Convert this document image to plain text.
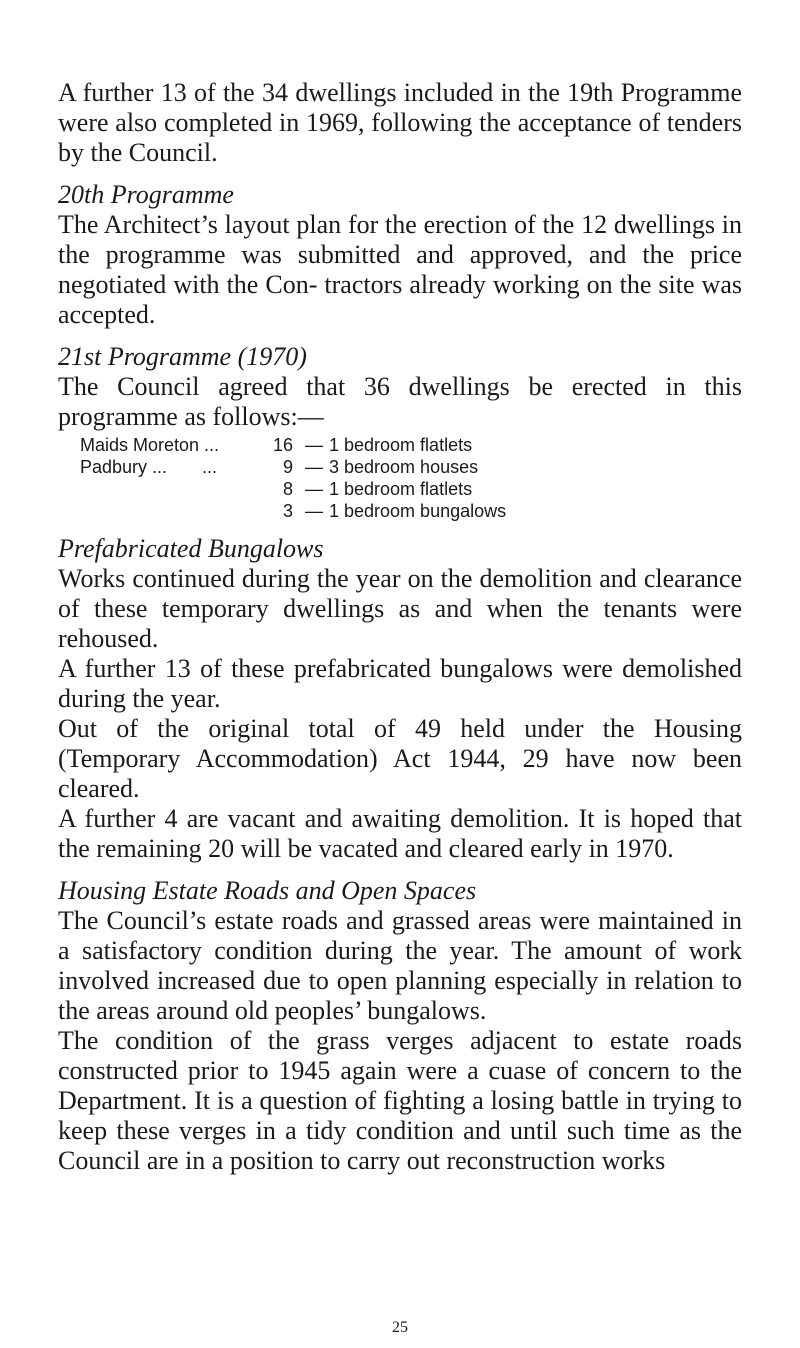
A further 13 of the 34 dwellings included in the 19th Programme were also completed in 1969, following the acceptance of tenders by the Council.

20th Programme

The Architect’s layout plan for the erection of the 12 dwellings in the programme was submitted and approved, and the price negotiated with the Con- tractors already working on the site was accepted.

21st Programme (1970)

The Council agreed that 36 dwellings be erected in this programme as follows:—

Maids Moreton ...	16	—	1 bedroom flatlets
Padbury ...       ...	9	—	3 bedroom houses
	8	—	1 bedroom flatlets
	3	—	1 bedroom bungalows

Prefabricated Bungalows

Works continued during the year on the demolition and clearance of these temporary dwellings as and when the tenants were rehoused.

A further 13 of these prefabricated bungalows were demolished during the year.

Out of the original total of 49 held under the Housing (Temporary Accommodation) Act 1944, 29 have now been cleared.

A further 4 are vacant and awaiting demolition. It is hoped that the remaining 20 will be vacated and cleared early in 1970.

Housing Estate Roads and Open Spaces

The Council’s estate roads and grassed areas were maintained in a satisfactory condition during the year. The amount of work involved increased due to open planning especially in relation to the areas around old peoples’ bungalows.

The condition of the grass verges adjacent to estate roads constructed prior to 1945 again were a cuase of concern to the Department. It is a question of fighting a losing battle in trying to keep these verges in a tidy condition and until such time as the Council are in a position to carry out reconstruction works

25
